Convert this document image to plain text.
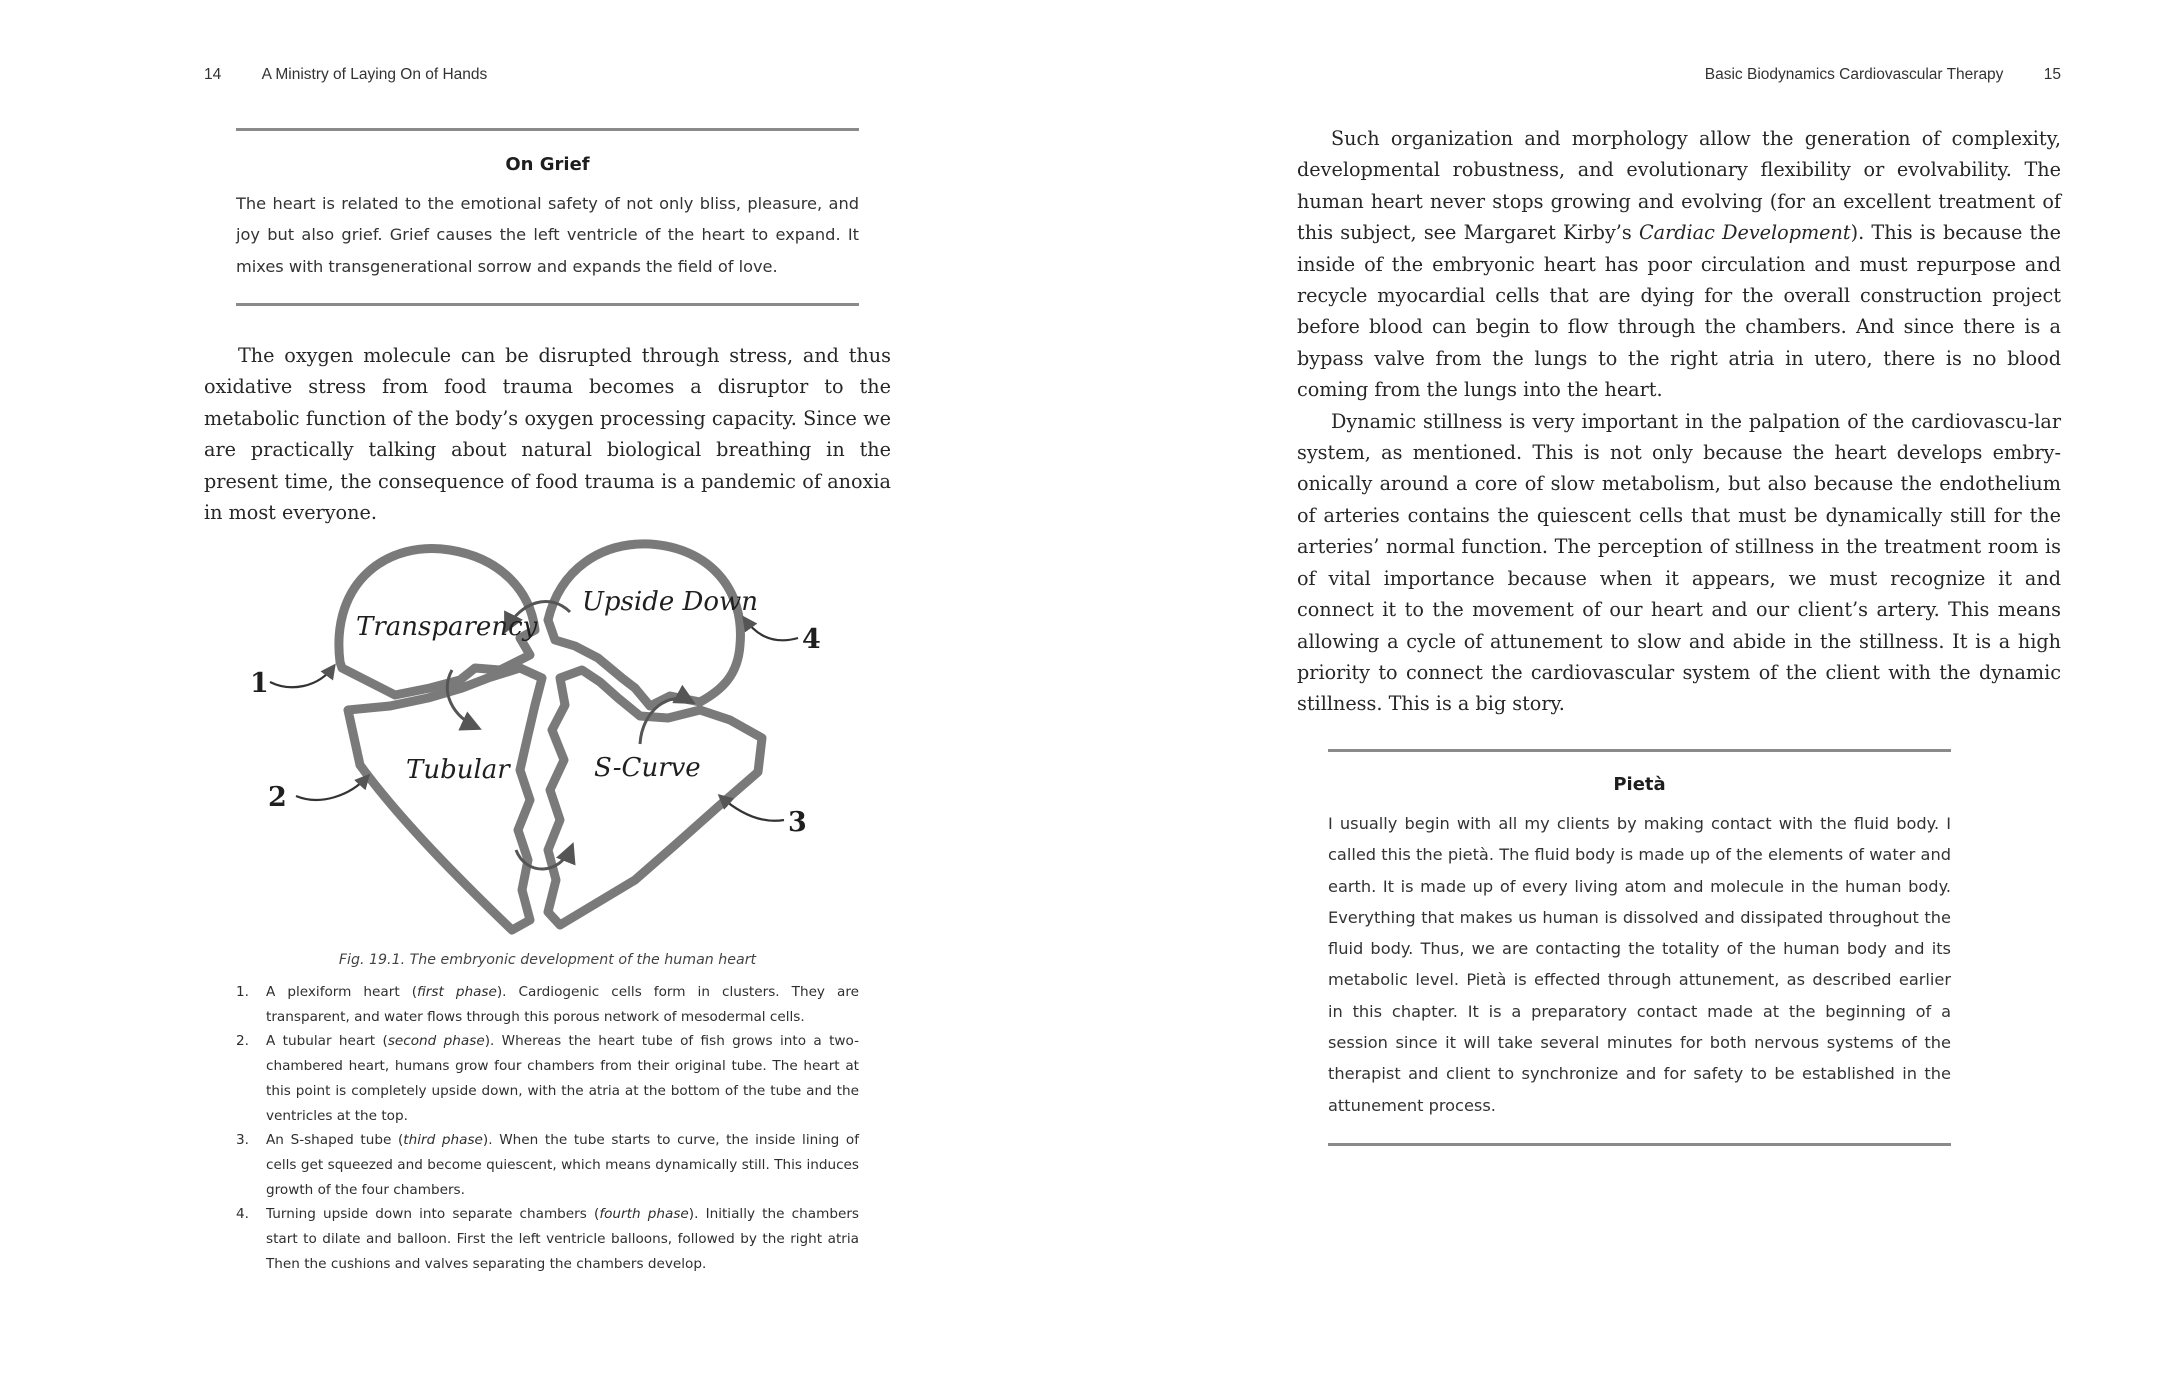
14	A Ministry of Laying On of Hands
On Grief
The heart is related to the emotional safety of not only bliss, pleasure, and joy but also grief. Grief causes the left ventricle of the heart to expand. It mixes with transgenerational sorrow and expands the field of love.

The oxygen molecule can be disrupted through stress, and thus oxidative stress from food trauma becomes a disruptor to the metabolic function of the body’s oxygen processing capacity. Since we are practically talking about natural biological breathing in the present time, the consequence of food trauma is a pandemic of anoxia in most everyone.

Transparency
Upside Down
Tubular	S-Curve
1
2
3
4
Fig. 19.1. The embryonic development of the human heart
1. A plexiform heart (first phase). Cardiogenic cells form in clusters. They are transparent, and water flows through this porous network of mesodermal cells.
2. A tubular heart (second phase). Whereas the heart tube of fish grows into a two-chambered heart, humans grow four chambers from their original tube. The heart at this point is completely upside down, with the atria at the bottom of the tube and the ventricles at the top.
3. An S-shaped tube (third phase). When the tube starts to curve, the inside lining of cells get squeezed and become quiescent, which means dynamically still. This induces growth of the four chambers.
4. Turning upside down into separate chambers (fourth phase). Initially the chambers start to dilate and balloon. First the left ventricle balloons, followed by the right atria Then the cushions and valves separating the chambers develop.
Basic Biodynamics Cardiovascular Therapy	15

Such organization and morphology allow the generation of complexity, developmental robustness, and evolutionary flexibility or evolvability. The human heart never stops growing and evolving (for an excellent treatment of this subject, see Margaret Kirby’s Cardiac Development). This is because the inside of the embryonic heart has poor circulation and must repurpose and recycle myocardial cells that are dying for the overall construction project before blood can begin to flow through the chambers. And since there is a bypass valve from the lungs to the right atria in utero, there is no blood coming from the lungs into the heart.

Dynamic stillness is very important in the palpation of the cardiovascu-lar system, as mentioned. This is not only because the heart develops embry-onically around a core of slow metabolism, but also because the endothelium of arteries contains the quiescent cells that must be dynamically still for the arteries’ normal function. The perception of stillness in the treatment room is of vital importance because when it appears, we must recognize it and connect it to the movement of our heart and our client’s artery. This means allowing a cycle of attunement to slow and abide in the stillness. It is a high priority to connect the cardiovascular system of the client with the dynamic stillness. This is a big story.

Pietà
I usually begin with all my clients by making contact with the fluid body. I called this the pietà. The fluid body is made up of the elements of water and earth. It is made up of every living atom and molecule in the human body. Everything that makes us human is dissolved and dissipated throughout the fluid body. Thus, we are contacting the totality of the human body and its metabolic level. Pietà is effected through attunement, as described earlier in this chapter. It is a preparatory contact made at the beginning of a session since it will take several minutes for both nervous systems of the therapist and client to synchronize and for safety to be established in the attunement process.
